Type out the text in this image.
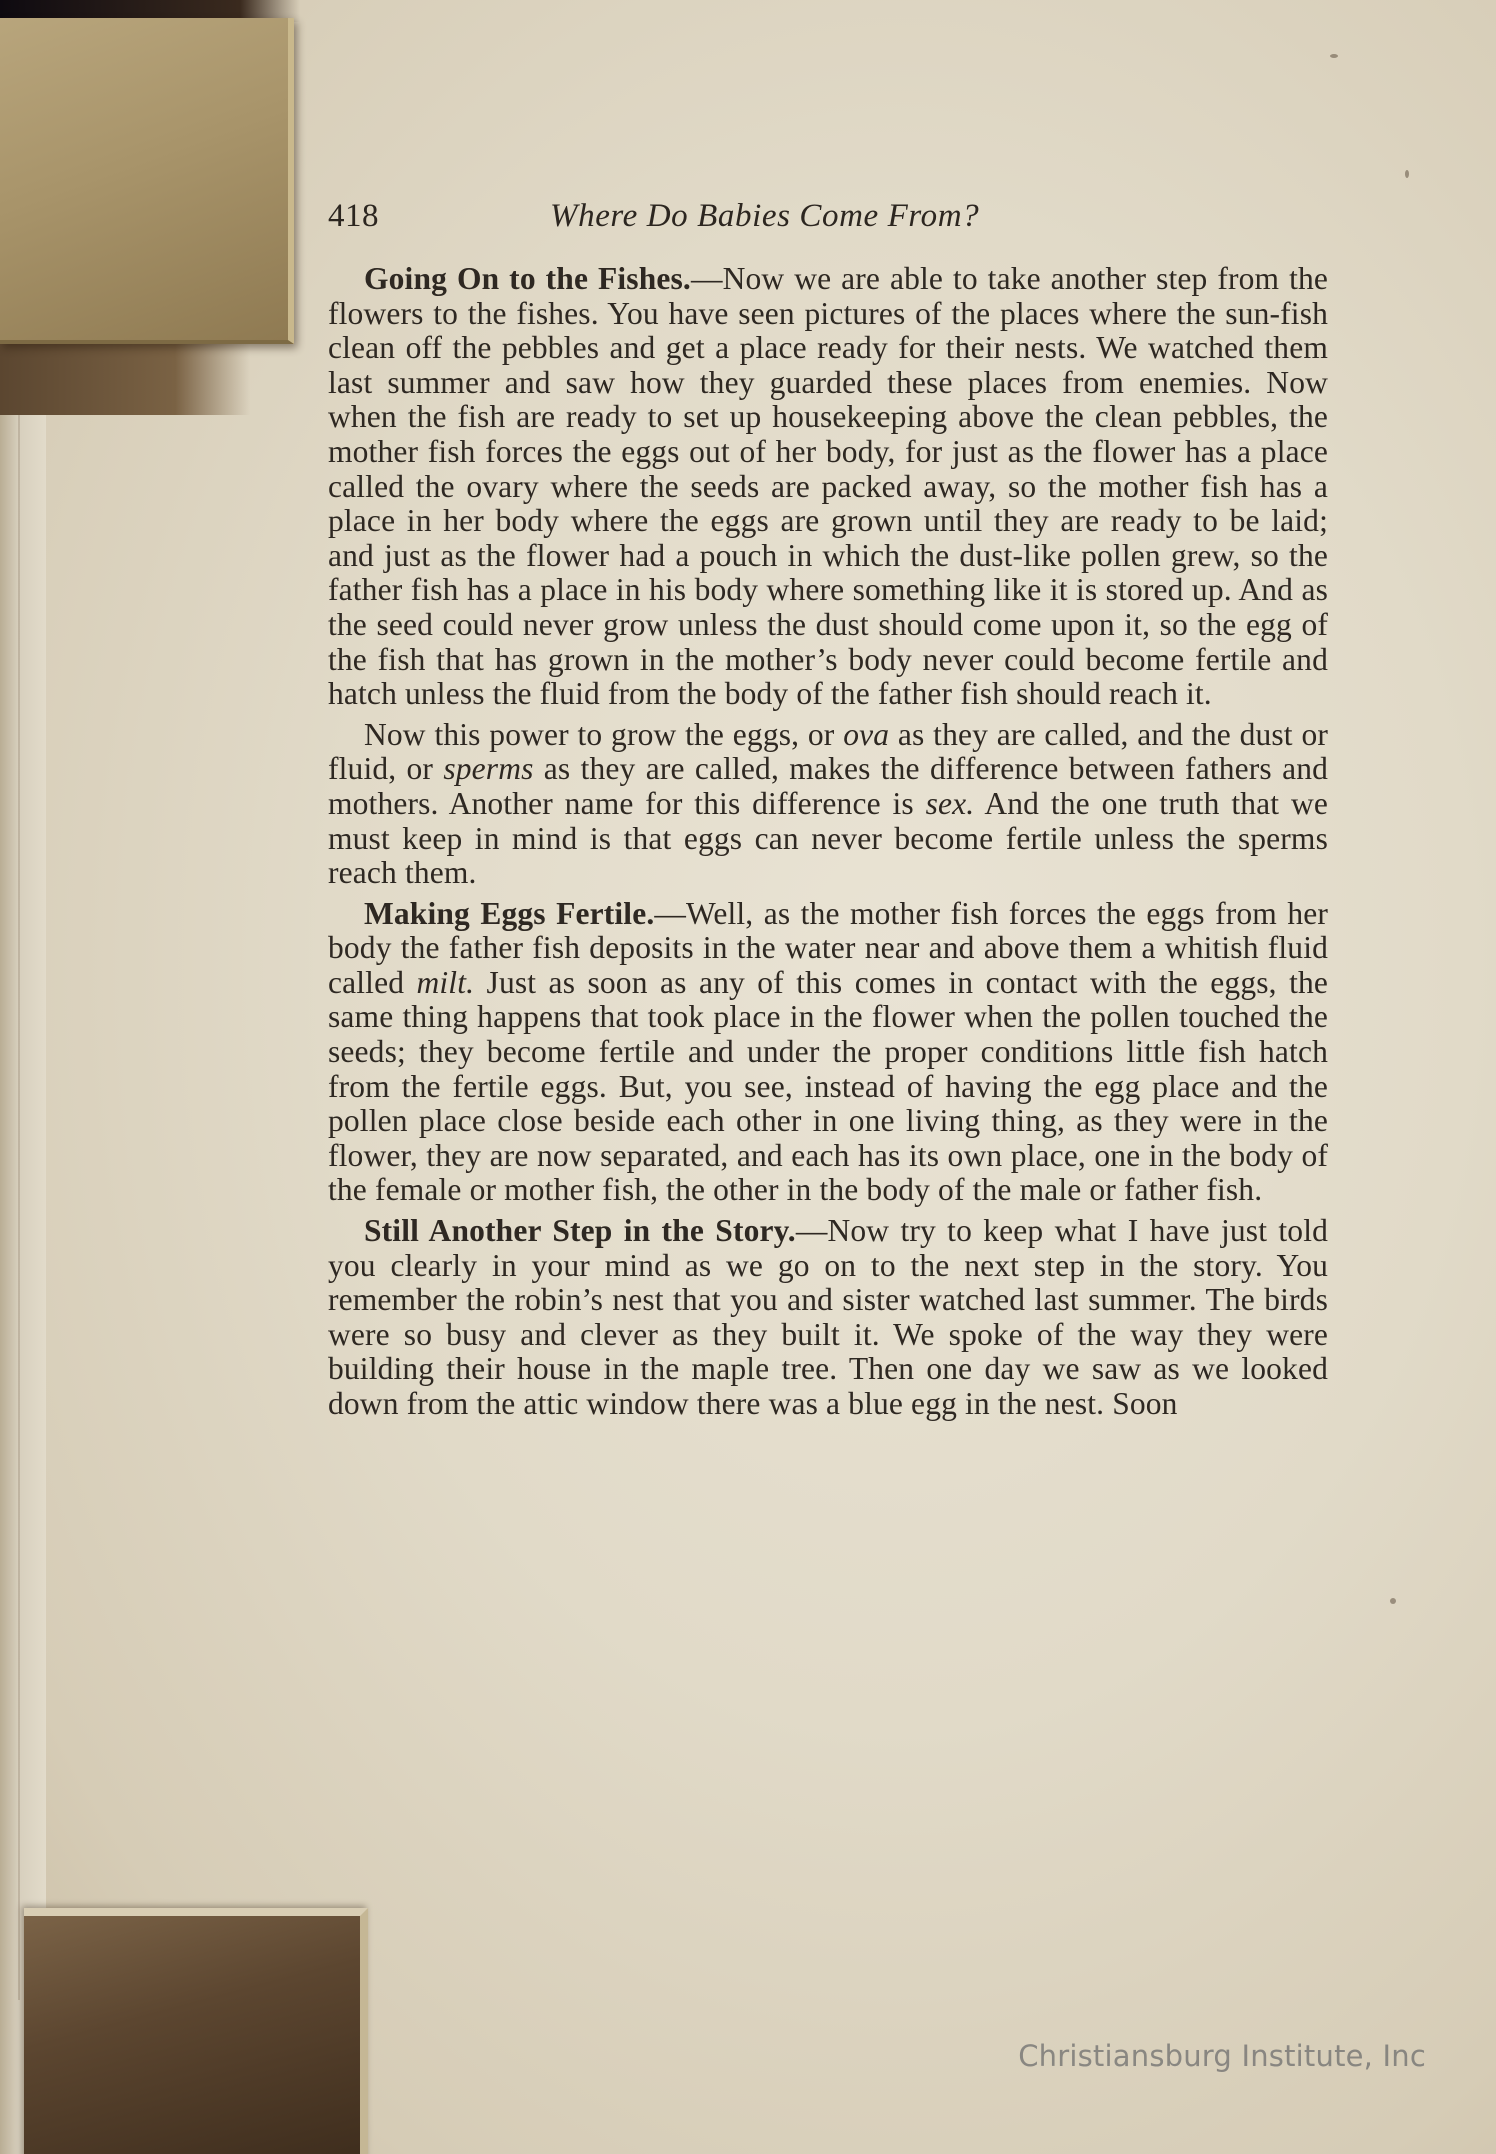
418	Where Do Babies Come From?

Going On to the Fishes.—Now we are able to take another step from the flowers to the fishes. You have seen pictures of the places where the sun-fish clean off the pebbles and get a place ready for their nests. We watched them last summer and saw how they guarded these places from enemies. Now when the fish are ready to set up housekeeping above the clean pebbles, the mother fish forces the eggs out of her body, for just as the flower has a place called the ovary where the seeds are packed away, so the mother fish has a place in her body where the eggs are grown until they are ready to be laid; and just as the flower had a pouch in which the dust-like pollen grew, so the father fish has a place in his body where something like it is stored up. And as the seed could never grow unless the dust should come upon it, so the egg of the fish that has grown in the mother’s body never could become fertile and hatch unless the fluid from the body of the father fish should reach it.

Now this power to grow the eggs, or ova as they are called, and the dust or fluid, or sperms as they are called, makes the difference between fathers and mothers. Another name for this difference is sex. And the one truth that we must keep in mind is that eggs can never become fertile unless the sperms reach them.

Making Eggs Fertile.—Well, as the mother fish forces the eggs from her body the father fish deposits in the water near and above them a whitish fluid called milt. Just as soon as any of this comes in contact with the eggs, the same thing happens that took place in the flower when the pollen touched the seeds; they become fertile and under the proper conditions little fish hatch from the fertile eggs. But, you see, instead of having the egg place and the pollen place close beside each other in one living thing, as they were in the flower, they are now separated, and each has its own place, one in the body of the female or mother fish, the other in the body of the male or father fish.

Still Another Step in the Story.—Now try to keep what I have just told you clearly in your mind as we go on to the next step in the story. You remember the robin’s nest that you and sister watched last summer. The birds were so busy and clever as they built it. We spoke of the way they were building their house in the maple tree. Then one day we saw as we looked down from the attic window there was a blue egg in the nest. Soon

Christiansburg Institute, Inc
